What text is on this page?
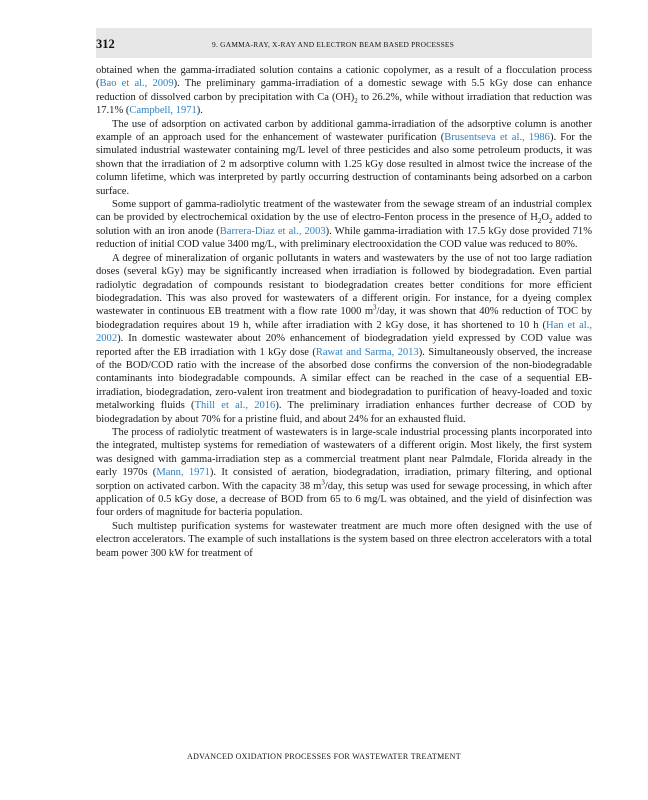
312	9. GAMMA-RAY, X-RAY AND ELECTRON BEAM BASED PROCESSES

obtained when the gamma-irradiated solution contains a cationic copolymer, as a result of a flocculation process (Bao et al., 2009). The preliminary gamma-irradiation of a domestic sewage with 5.5 kGy dose can enhance reduction of dissolved carbon by precipitation with Ca $(OH)_2$ to 26.2%, while without irradiation that reduction was 17.1% (Campbell, 1971).

The use of adsorption on activated carbon by additional gamma-irradiation of the adsorptive column is another example of an approach used for the enhancement of wastewater purification (Brusentseva et al., 1986). For the simulated industrial wastewater containing mg/L level of three pesticides and also some petroleum products, it was shown that the irradiation of 2 m adsorptive column with 1.25 kGy dose resulted in almost twice the increase of the column lifetime, which was interpreted by partly occurring destruction of contaminants being adsorbed on a carbon surface.

Some support of gamma-radiolytic treatment of the wastewater from the sewage stream of an industrial complex can be provided by electrochemical oxidation by the use of electro-Fenton process in the presence of $H_2O_2$ added to solution with an iron anode (Barrera-Diaz et al., 2003). While gamma-irradiation with 17.5 kGy dose provided 71% reduction of initial COD value 3400 mg/L, with preliminary electrooxidation the COD value was reduced to 80%.

A degree of mineralization of organic pollutants in waters and wastewaters by the use of not too large radiation doses (several kGy) may be significantly increased when irradiation is followed by biodegradation. Even partial radiolytic degradation of compounds resistant to biodegradation creates better conditions for more efficient biodegradation. This was also proved for wastewaters of a different origin. For instance, for a dyeing complex wastewater in continuous EB treatment with a flow rate 1000 $m^3$/day, it was shown that 40% reduction of TOC by biodegradation requires about 19 h, while after irradiation with 2 kGy dose, it has shortened to 10 h (Han et al., 2002). In domestic wastewater about 20% enhancement of biodegradation yield expressed by COD value was reported after the EB irradiation with 1 kGy dose (Rawat and Sarma, 2013). Simultaneously observed, the increase of the BOD/COD ratio with the increase of the absorbed dose confirms the conversion of the non-biodegradable contaminants into biodegradable compounds. A similar effect can be reached in the case of a sequential EB-irradiation, biodegradation, zero-valent iron treatment and biodegradation to purification of heavy-loaded and toxic metalworking fluids (Thill et al., 2016). The preliminary irradiation enhances further decrease of COD by biodegradation by about 70% for a pristine fluid, and about 24% for an exhausted fluid.

The process of radiolytic treatment of wastewaters is in large-scale industrial processing plants incorporated into the integrated, multistep systems for remediation of wastewaters of a different origin. Most likely, the first system was designed with gamma-irradiation step as a commercial treatment plant near Palmdale, Florida already in the early 1970s (Mann, 1971). It consisted of aeration, biodegradation, irradiation, primary filtering, and optional sorption on activated carbon. With the capacity 38 $m^3$/day, this setup was used for sewage processing, in which after application of 0.5 kGy dose, a decrease of BOD from 65 to 6 mg/L was obtained, and the yield of disinfection was four orders of magnitude for bacteria population.

Such multistep purification systems for wastewater treatment are much more often designed with the use of electron accelerators. The example of such installations is the system based on three electron accelerators with a total beam power 300 kW for treatment of

ADVANCED OXIDATION PROCESSES FOR WASTEWATER TREATMENT
